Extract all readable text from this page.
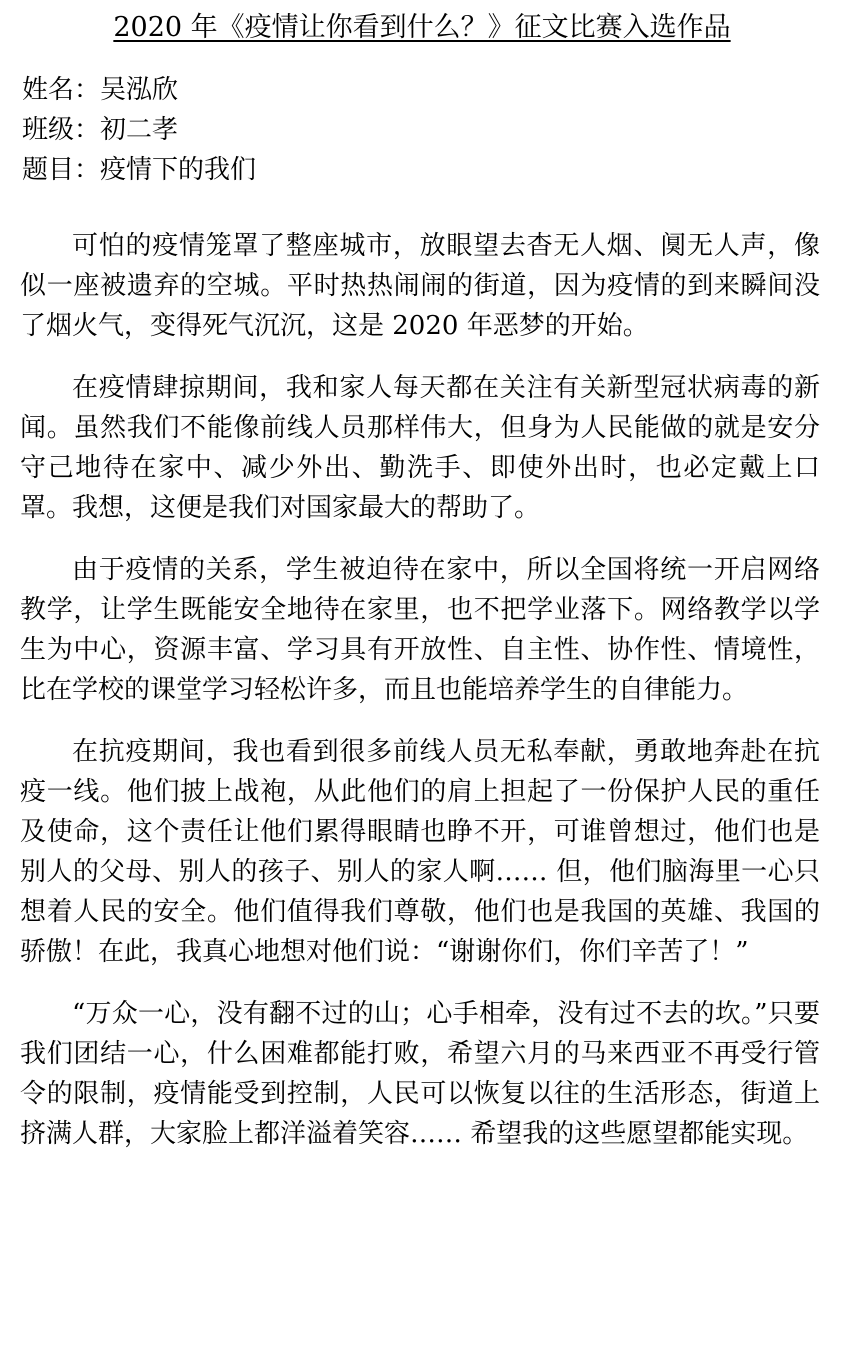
2020 年《疫情让你看到什么？》征文比赛入选作品
姓名：吴泓欣
班级：初二孝
题目：疫情下的我们

可怕的疫情笼罩了整座城市，放眼望去杳无人烟、阒无人声，像似一座被遗弃的空城。平时热热闹闹的街道，因为疫情的到来瞬间没了烟火气，变得死气沉沉，这是 2020 年恶梦的开始。

在疫情肆掠期间，我和家人每天都在关注有关新型冠状病毒的新闻。虽然我们不能像前线人员那样伟大，但身为人民能做的就是安分守己地待在家中、减少外出、勤洗手、即使外出时，也必定戴上口罩。我想，这便是我们对国家最大的帮助了。

由于疫情的关系，学生被迫待在家中，所以全国将统一开启网络教学，让学生既能安全地待在家里，也不把学业落下。网络教学以学生为中心，资源丰富、学习具有开放性、自主性、协作性、情境性，比在学校的课堂学习轻松许多，而且也能培养学生的自律能力。

在抗疫期间，我也看到很多前线人员无私奉献，勇敢地奔赴在抗疫一线。他们披上战袍，从此他们的肩上担起了一份保护人民的重任及使命，这个责任让他们累得眼睛也睁不开，可谁曾想过，他们也是别人的父母、别人的孩子、别人的家人啊…… 但，他们脑海里一心只想着人民的安全。他们值得我们尊敬，他们也是我国的英雄、我国的骄傲！在此，我真心地想对他们说：“谢谢你们，你们辛苦了！”

“万众一心，没有翻不过的山；心手相牵，没有过不去的坎。”只要我们团结一心，什么困难都能打败，希望六月的马来西亚不再受行管令的限制，疫情能受到控制，人民可以恢复以往的生活形态，街道上挤满人群，大家脸上都洋溢着笑容…… 希望我的这些愿望都能实现。
